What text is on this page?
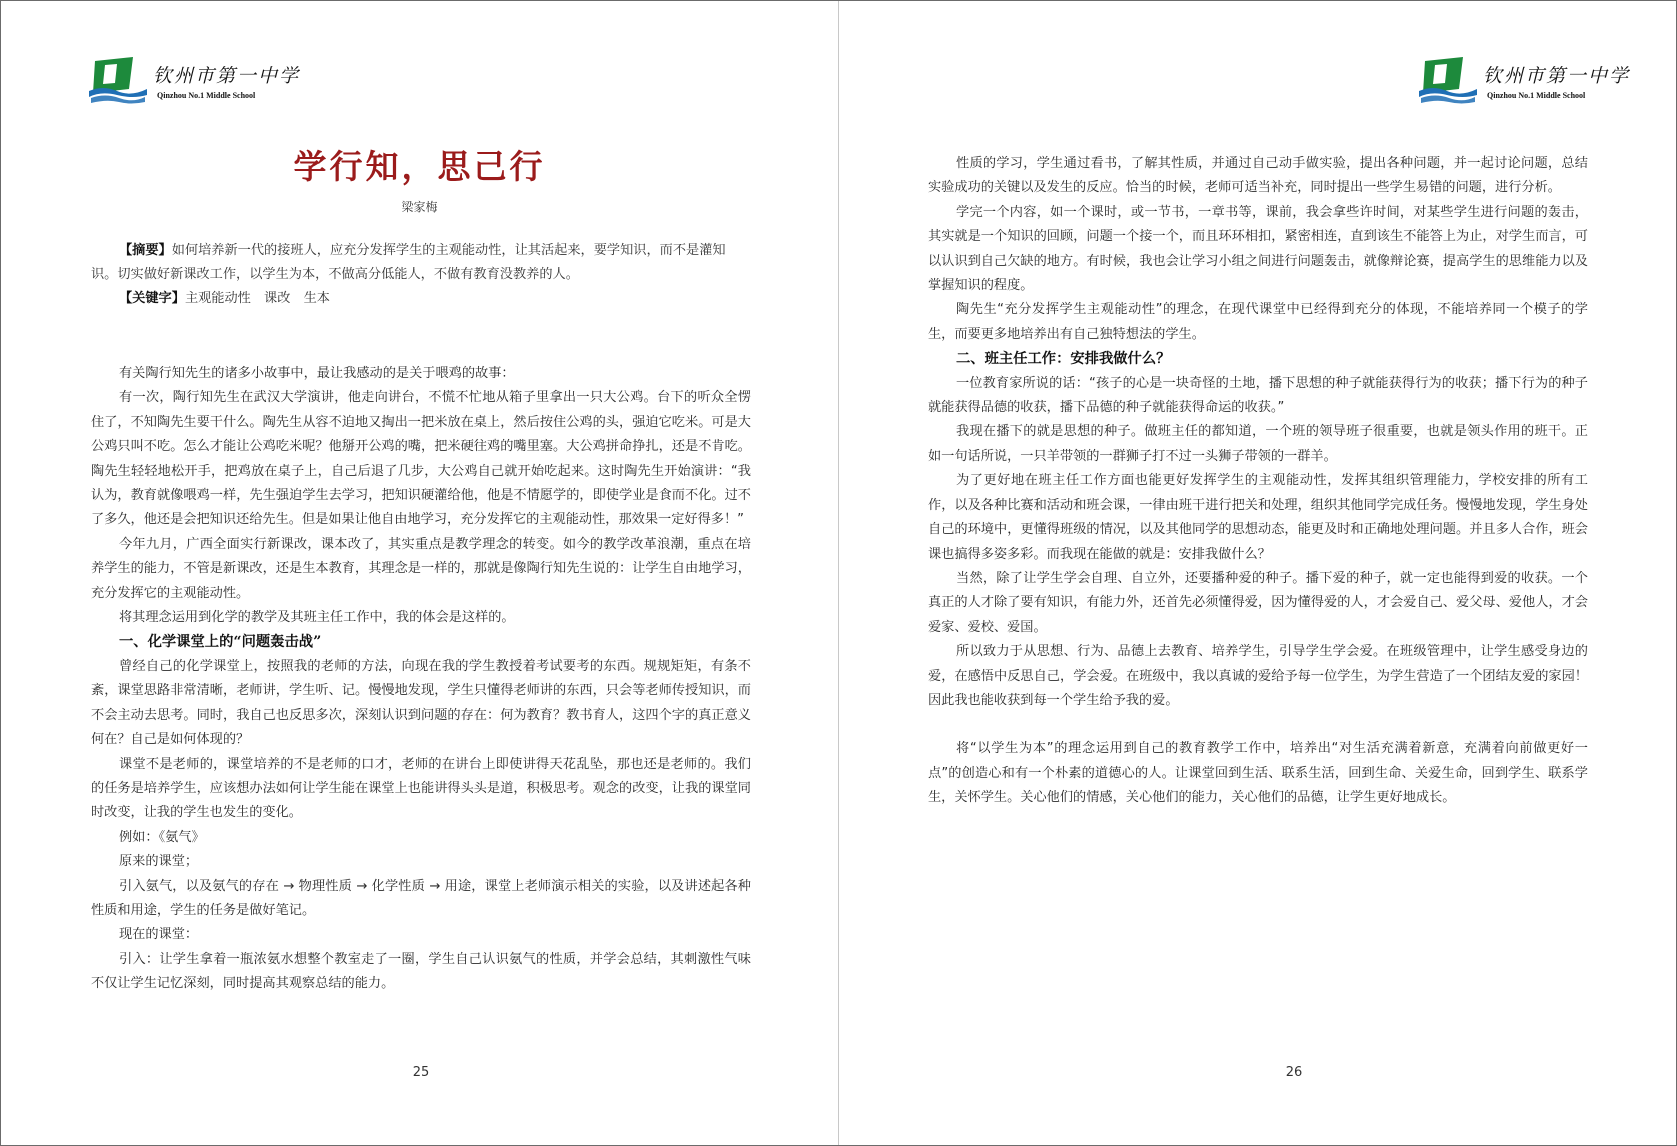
钦州市第一中学
Qinzhou No.1 Middle School
学行知，思己行
梁家梅

【摘要】如何培养新一代的接班人，应充分发挥学生的主观能动性，让其活起来，要学知识，而不是灌知识。切实做好新课改工作，以学生为本，不做高分低能人，不做有教育没教养的人。

【关键字】主观能动性　课改　生本

有关陶行知先生的诸多小故事中，最让我感动的是关于喂鸡的故事：

有一次，陶行知先生在武汉大学演讲，他走向讲台，不慌不忙地从箱子里拿出一只大公鸡。台下的听众全愣住了，不知陶先生要干什么。陶先生从容不迫地又掏出一把米放在桌上，然后按住公鸡的头，强迫它吃米。可是大公鸡只叫不吃。怎么才能让公鸡吃米呢？他掰开公鸡的嘴，把米硬往鸡的嘴里塞。大公鸡拼命挣扎，还是不肯吃。陶先生轻轻地松开手，把鸡放在桌子上，自己后退了几步，大公鸡自己就开始吃起来。这时陶先生开始演讲：“我认为，教育就像喂鸡一样，先生强迫学生去学习，把知识硬灌给他，他是不情愿学的，即使学业是食而不化。过不了多久，他还是会把知识还给先生。但是如果让他自由地学习，充分发挥它的主观能动性，那效果一定好得多！”

今年九月，广西全面实行新课改，课本改了，其实重点是教学理念的转变。如今的教学改革浪潮，重点在培养学生的能力，不管是新课改，还是生本教育，其理念是一样的，那就是像陶行知先生说的：让学生自由地学习，充分发挥它的主观能动性。

将其理念运用到化学的教学及其班主任工作中，我的体会是这样的。

一、化学课堂上的“问题轰击战”

曾经自己的化学课堂上，按照我的老师的方法，向现在我的学生教授着考试要考的东西。规规矩矩，有条不紊，课堂思路非常清晰，老师讲，学生听、记。慢慢地发现，学生只懂得老师讲的东西，只会等老师传授知识，而不会主动去思考。同时，我自己也反思多次，深刻认识到问题的存在：何为教育？教书育人，这四个字的真正意义何在？自己是如何体现的？

课堂不是老师的，课堂培养的不是老师的口才，老师的在讲台上即使讲得天花乱坠，那也还是老师的。我们的任务是培养学生，应该想办法如何让学生能在课堂上也能讲得头头是道，积极思考。观念的改变，让我的课堂同时改变，让我的学生也发生的变化。

例如：《氨气》

原来的课堂；

引入氨气，以及氨气的存在 → 物理性质 → 化学性质 → 用途，课堂上老师演示相关的实验，以及讲述起各种性质和用途，学生的任务是做好笔记。

现在的课堂：

引入：让学生拿着一瓶浓氨水想整个教室走了一圈，学生自己认识氨气的性质，并学会总结，其刺激性气味不仅让学生记忆深刻，同时提高其观察总结的能力。

25
钦州市第一中学
Qinzhou No.1 Middle School

性质的学习，学生通过看书，了解其性质，并通过自己动手做实验，提出各种问题，并一起讨论问题，总结实验成功的关键以及发生的反应。恰当的时候，老师可适当补充，同时提出一些学生易错的问题，进行分析。

学完一个内容，如一个课时，或一节书，一章书等，课前，我会拿些许时间，对某些学生进行问题的轰击，其实就是一个知识的回顾，问题一个接一个，而且环环相扣，紧密相连，直到该生不能答上为止，对学生而言，可以认识到自己欠缺的地方。有时候，我也会让学习小组之间进行问题轰击，就像辩论赛，提高学生的思维能力以及掌握知识的程度。

陶先生“充分发挥学生主观能动性”的理念，在现代课堂中已经得到充分的体现，不能培养同一个模子的学生，而要更多地培养出有自己独特想法的学生。

二、班主任工作：安排我做什么？

一位教育家所说的话：“孩子的心是一块奇怪的土地，播下思想的种子就能获得行为的收获；播下行为的种子就能获得品德的收获，播下品德的种子就能获得命运的收获。”

我现在播下的就是思想的种子。做班主任的都知道，一个班的领导班子很重要，也就是领头作用的班干。正如一句话所说，一只羊带领的一群狮子打不过一头狮子带领的一群羊。

为了更好地在班主任工作方面也能更好发挥学生的主观能动性，发挥其组织管理能力，学校安排的所有工作，以及各种比赛和活动和班会课，一律由班干进行把关和处理，组织其他同学完成任务。慢慢地发现，学生身处自己的环境中，更懂得班级的情况，以及其他同学的思想动态，能更及时和正确地处理问题。并且多人合作，班会课也搞得多姿多彩。而我现在能做的就是：安排我做什么？

当然，除了让学生学会自理、自立外，还要播种爱的种子。播下爱的种子，就一定也能得到爱的收获。一个真正的人才除了要有知识，有能力外，还首先必须懂得爱，因为懂得爱的人，才会爱自己、爱父母、爱他人，才会爱家、爱校、爱国。

所以致力于从思想、行为、品德上去教育、培养学生，引导学生学会爱。在班级管理中，让学生感受身边的爱，在感悟中反思自己，学会爱。在班级中，我以真诚的爱给予每一位学生，为学生营造了一个团结友爱的家园！因此我也能收获到每一个学生给予我的爱。

将“以学生为本”的理念运用到自己的教育教学工作中，培养出“对生活充满着新意，充满着向前做更好一点”的创造心和有一个朴素的道德心的人。让课堂回到生活、联系生活，回到生命、关爱生命，回到学生、联系学生，关怀学生。关心他们的情感，关心他们的能力，关心他们的品德，让学生更好地成长。

26
